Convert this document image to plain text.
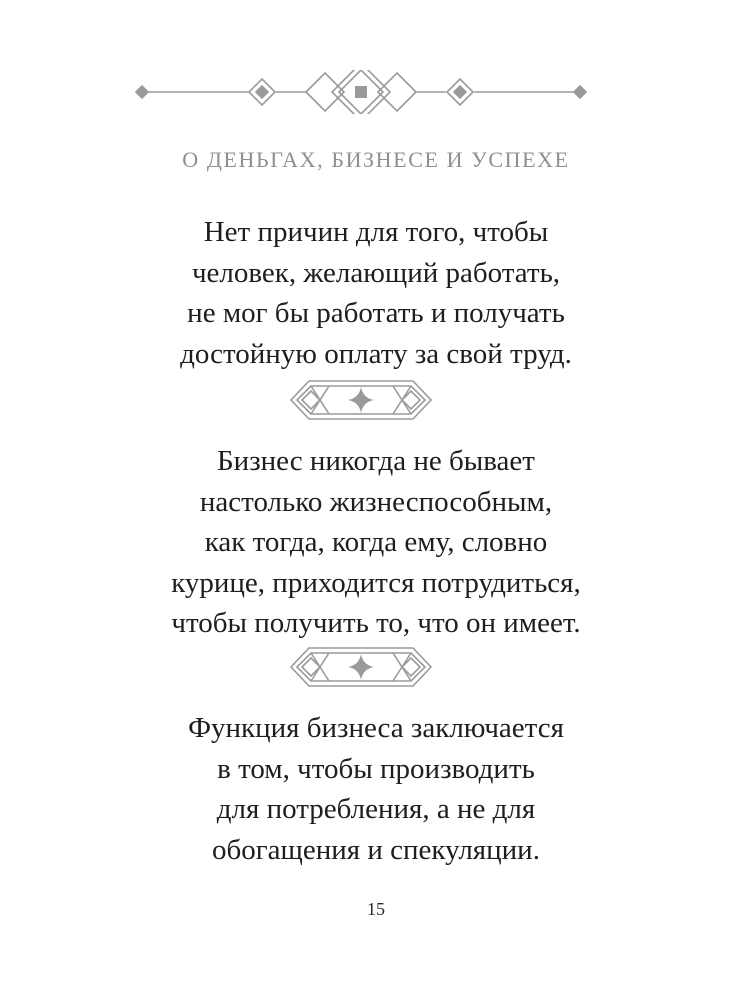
О ДЕНЬГАХ, БИЗНЕСЕ И УСПЕХЕ

Нет причин для того, чтобы
человек, желающий работать,
не мог бы работать и получать
достойную оплату за свой труд.

Бизнес никогда не бывает
настолько жизнеспособным,
как тогда, когда ему, словно
курице, приходится потрудиться,
чтобы получить то, что он имеет.

Функция бизнеса заключается
в том, чтобы производить
для потребления, а не для
обогащения и спекуляции.

15
